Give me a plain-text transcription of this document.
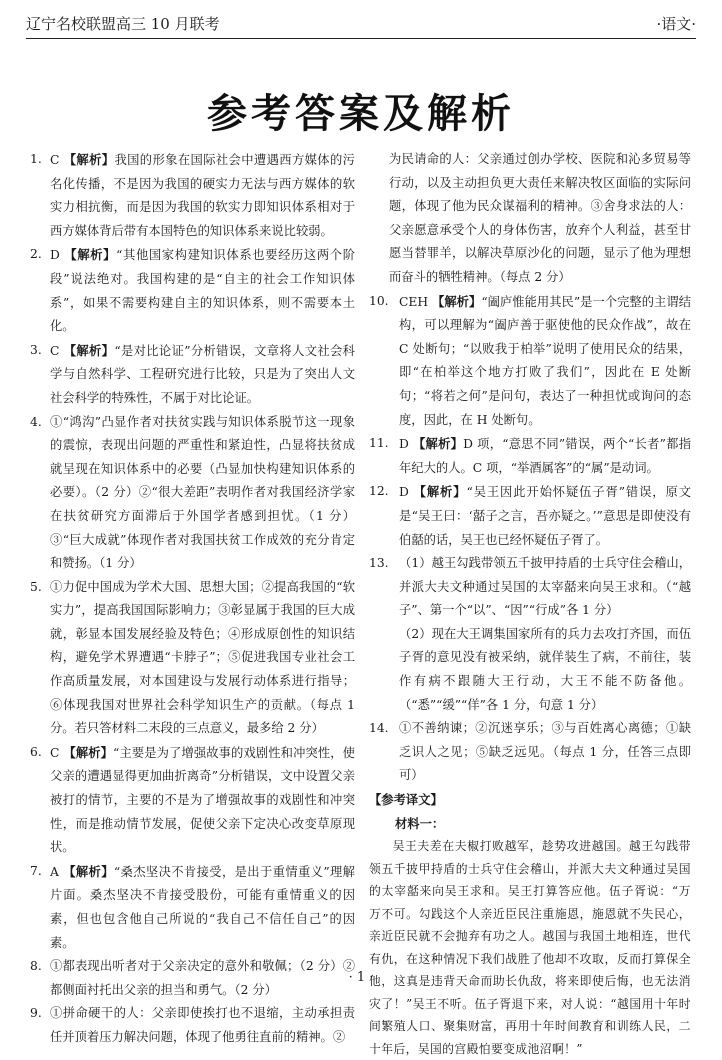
辽宁名校联盟高三 10 月联考	·语文·
参考答案及解析

1. C 【解析】我国的形象在国际社会中遭遇西方媒体的污名化传播，不是因为我国的硬实力无法与西方媒体的软实力相抗衡，而是因为我国的软实力即知识体系相对于西方媒体背后带有本国特色的知识体系来说比较弱。

2. D 【解析】“其他国家构建知识体系也要经历这两个阶段”说法绝对。我国构建的是“自主的社会工作知识体系”，如果不需要构建自主的知识体系，则不需要本土化。

3. C 【解析】“是对比论证”分析错误，文章将人文社会科学与自然科学、工程研究进行比较，只是为了突出人文社会科学的特殊性，不属于对比论证。

4. ①“鸿沟”凸显作者对扶贫实践与知识体系脱节这一现象的震惊，表现出问题的严重性和紧迫性，凸显将扶贫成就呈现在知识体系中的必要（凸显加快构建知识体系的必要）。（2 分）②“很大差距”表明作者对我国经济学家在扶贫研究方面滞后于外国学者感到担忧。（1 分）③“巨大成就”体现作者对我国扶贫工作成效的充分肯定和赞扬。（1 分）

5. ①力促中国成为学术大国、思想大国；②提高我国的“软实力”，提高我国国际影响力；③彰显属于我国的巨大成就，彰显本国发展经验及特色；④形成原创性的知识结构，避免学术界遭遇“卡脖子”；⑤促进我国专业社会工作高质量发展，对本国建设与发展行动体系进行指导；⑥体现我国对世界社会科学知识生产的贡献。（每点 1 分。若只答材料二末段的三点意义，最多给 2 分）

6. C 【解析】“主要是为了增强故事的戏剧性和冲突性，使父亲的遭遇显得更加曲折离奇”分析错误，文中设置父亲被打的情节，主要的不是为了增强故事的戏剧性和冲突性，而是推动情节发展，促使父亲下定决心改变草原现状。

7. A 【解析】“桑杰坚决不肯接受，是出于重情重义”理解片面。桑杰坚决不肯接受股份，可能有重情重义的因素，但也包含他自己所说的“我自己不信任自己”的因素。

8. ①都表现出听者对于父亲决定的意外和敬佩；（2 分）②都侧面衬托出父亲的担当和勇气。（2 分）

9. ①拼命硬干的人：父亲即使挨打也不退缩，主动承担责任并顶着压力解决问题，体现了他勇往直前的精神。②

为民请命的人：父亲通过创办学校、医院和沁多贸易等行动，以及主动担负更大责任来解决牧区面临的实际问题，体现了他为民众谋福利的精神。③舍身求法的人：父亲愿意承受个人的身体伤害，放弃个人利益，甚至甘愿当替罪羊，以解决草原沙化的问题，显示了他为理想而奋斗的牺牲精神。（每点 2 分）

10. CEH 【解析】“阖庐惟能用其民”是一个完整的主谓结构，可以理解为“阖庐善于驱使他的民众作战”，故在 C 处断句；“以败我于柏举”说明了使用民众的结果，即“在柏举这个地方打败了我们”，因此在 E 处断句；“将若之何”是问句，表达了一种担忧或询问的态度，因此，在 H 处断句。

11. D 【解析】D 项，“意思不同”错误，两个“长者”都指年纪大的人。C 项，“举酒属客”的“属”是动词。

12. D 【解析】“吴王因此开始怀疑伍子胥”错误，原文是“吴王曰：‘嚭子之言，吾亦疑之。’”意思是即使没有伯嚭的话，吴王也已经怀疑伍子胥了。

13. （1）越王勾践带领五千披甲持盾的士兵守住会稽山，并派大夫文种通过吴国的太宰嚭来向吴王求和。（“越子”、第一个“以”、“因”“行成”各 1 分）

（2）现在大王调集国家所有的兵力去攻打齐国，而伍子胥的意见没有被采纳，就佯装生了病，不前往，装作有病不跟随大王行动，大王不能不防备他。（“悉”“缓”“佯”各 1 分，句意 1 分）

14. ①不善纳谏；②沉迷享乐；③与百姓离心离德；①缺乏识人之见；⑤缺乏远见。（每点 1 分，任答三点即可）

【参考译文】

材料一：

吴王夫差在夫椒打败越军，趁势攻进越国。越王勾践带领五千披甲持盾的士兵守住会稽山，并派大夫文种通过吴国的太宰嚭来向吴王求和。吴王打算答应他。伍子胥说：“万万不可。勾践这个人亲近臣民注重施恩，施恩就不失民心，亲近臣民就不会抛弃有功之人。越国与我国土地相连，世代有仇，在这种情况下我们战胜了他却不攻取，反而打算保全他，这真是违背天命而助长仇敌，将来即使后悔，也无法消灾了！”吴王不听。伍子胥退下来，对人说：“越国用十年时间繁殖人口、聚集财富，再用十年时间教育和训练人民，二十年后，吴国的宫殿怕要变成池沼啊！”

· 1 ·
